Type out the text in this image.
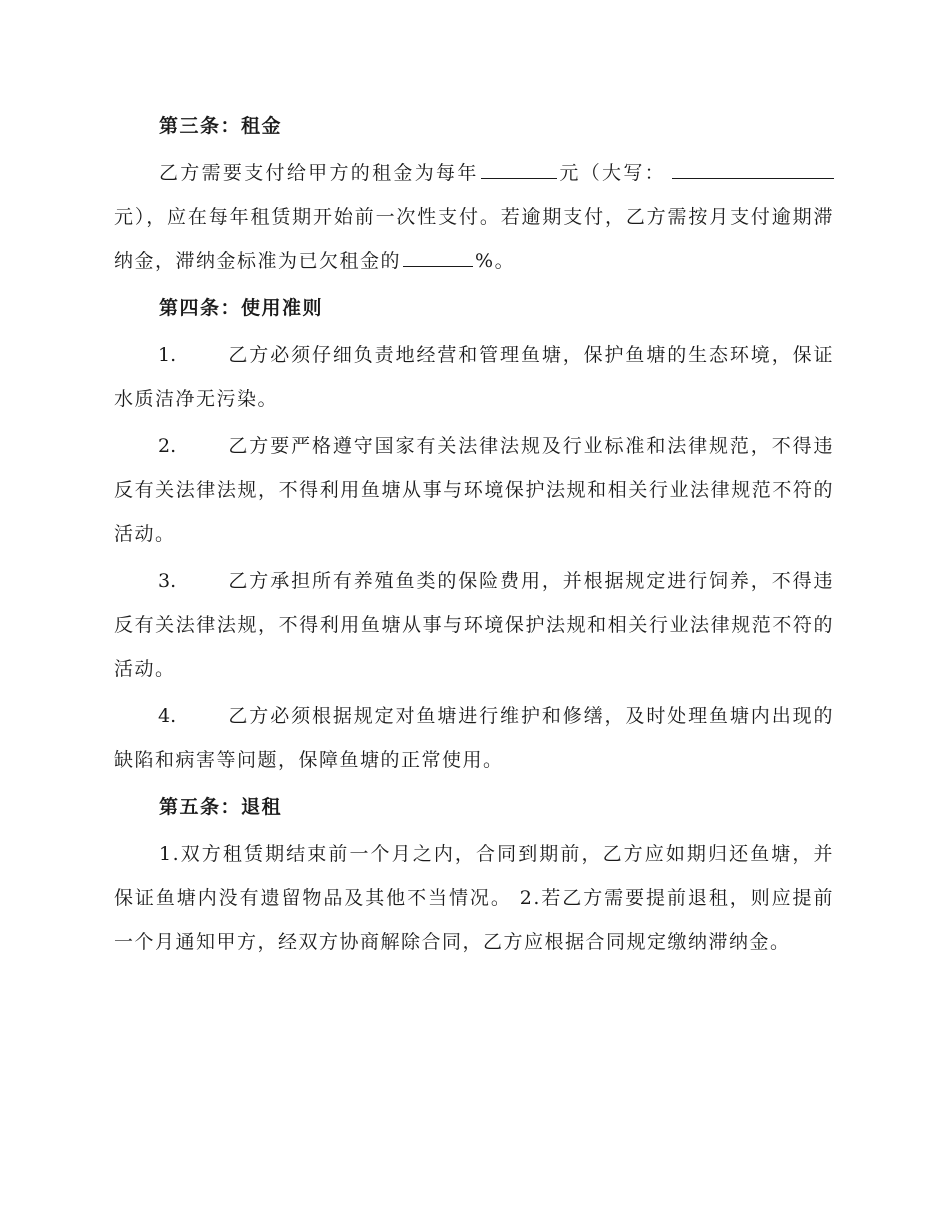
第三条：租金

乙方需要支付给甲方的租金为每年	元（大写：元），应在每年租赁期开始前一次性支付。若逾期支付，乙方需按月支付逾期滞纳金，滞纳金标准为已欠租金的	%。

第四条：使用准则

1.	乙方必须仔细负责地经营和管理鱼塘，保护鱼塘的生态环境，保证水质洁净无污染。

2.	乙方要严格遵守国家有关法律法规及行业标准和法律规范，不得违反有关法律法规，不得利用鱼塘从事与环境保护法规和相关行业法律规范不符的活动。

3.	乙方承担所有养殖鱼类的保险费用，并根据规定进行饲养，不得违反有关法律法规，不得利用鱼塘从事与环境保护法规和相关行业法律规范不符的活动。

4.	乙方必须根据规定对鱼塘进行维护和修缮，及时处理鱼塘内出现的缺陷和病害等问题，保障鱼塘的正常使用。

第五条：退租

1.双方租赁期结束前一个月之内，合同到期前，乙方应如期归还鱼塘，并保证鱼塘内没有遗留物品及其他不当情况。 2.若乙方需要提前退租，则应提前一个月通知甲方，经双方协商解除合同，乙方应根据合同规定缴纳滞纳金。
